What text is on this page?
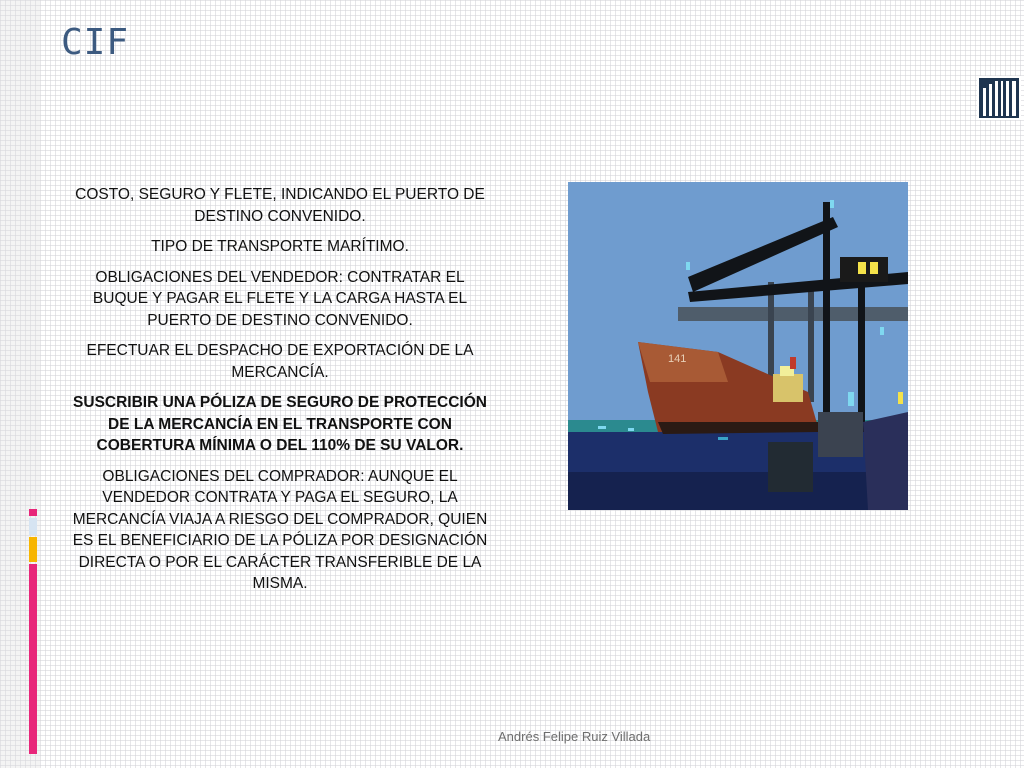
CIF

COSTO, SEGURO Y FLETE, INDICANDO EL PUERTO DE DESTINO CONVENIDO.

TIPO DE TRANSPORTE MARÍTIMO.

OBLIGACIONES DEL VENDEDOR: CONTRATAR EL BUQUE Y PAGAR EL FLETE Y LA CARGA HASTA EL PUERTO DE DESTINO CONVENIDO.

EFECTUAR EL DESPACHO DE EXPORTACIÓN DE LA MERCANCÍA.

SUSCRIBIR UNA PÓLIZA DE SEGURO DE PROTECCIÓN DE LA MERCANCÍA EN EL TRANSPORTE CON COBERTURA MÍNIMA O DEL 110% DE SU VALOR.

OBLIGACIONES DEL COMPRADOR: AUNQUE EL VENDEDOR CONTRATA Y PAGA EL SEGURO, LA MERCANCÍA VIAJA A RIESGO DEL COMPRADOR, QUIEN ES EL BENEFICIARIO DE LA PÓLIZA POR DESIGNACIÓN DIRECTA O POR EL CARÁCTER TRANSFERIBLE DE LA MISMA.

141
Andrés Felipe Ruiz Villada
